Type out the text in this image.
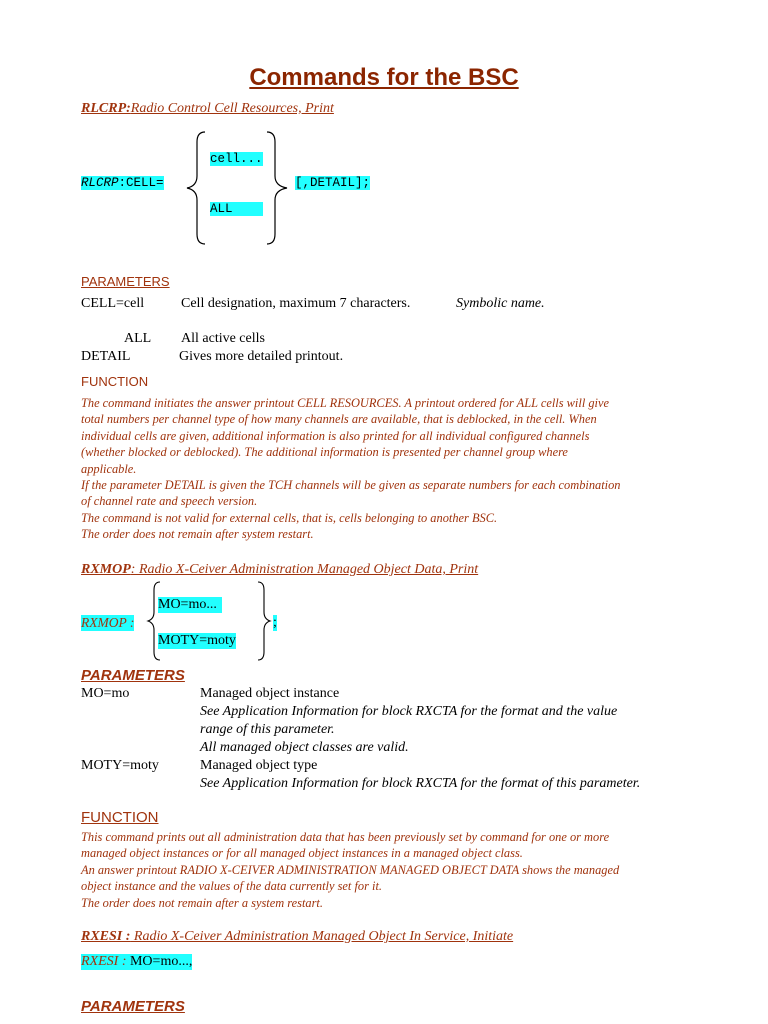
Commands for the BSC
RLCRP:Radio Control Cell Resources, Print
RLCRP:CELL=
cell...
ALL
[,DETAIL];
PARAMETERS
CELL=cell	Cell designation, maximum 7 characters.	Symbolic name.
ALL All active cells
DETAIL	Gives more detailed printout.
FUNCTION
The command initiates the answer printout CELL RESOURCES. A printout ordered for ALL cells will give
total numbers per channel type of how many channels are available, that is deblocked, in the cell. When
individual cells are given, additional information is also printed for all individual configured channels
(whether blocked or deblocked). The additional information is presented per channel group where
applicable.
If the parameter DETAIL is given the TCH channels will be given as separate numbers for each combination
of channel rate and speech version.
The command is not valid for external cells, that is, cells belonging to another BSC.
The order does not remain after system restart.
RXMOP: Radio X-Ceiver Administration Managed Object Data, Print
RXMOP :
MO=mo...
MOTY=moty
;
PARAMETERS
MO=mo	Managed object instance
See Application Information for block RXCTA for the format and the value
range of this parameter.
All managed object classes are valid.
MOTY=moty	Managed object type
See Application Information for block RXCTA for the format of this parameter.
FUNCTION
This command prints out all administration data that has been previously set by command for one or more
managed object instances or for all managed object instances in a managed object class.
An answer printout RADIO X-CEIVER ADMINISTRATION MANAGED OBJECT DATA shows the managed
object instance and the values of the data currently set for it.
The order does not remain after a system restart.
RXESI : Radio X-Ceiver Administration Managed Object In Service, Initiate
RXESI : MO=mo...,
PARAMETERS
